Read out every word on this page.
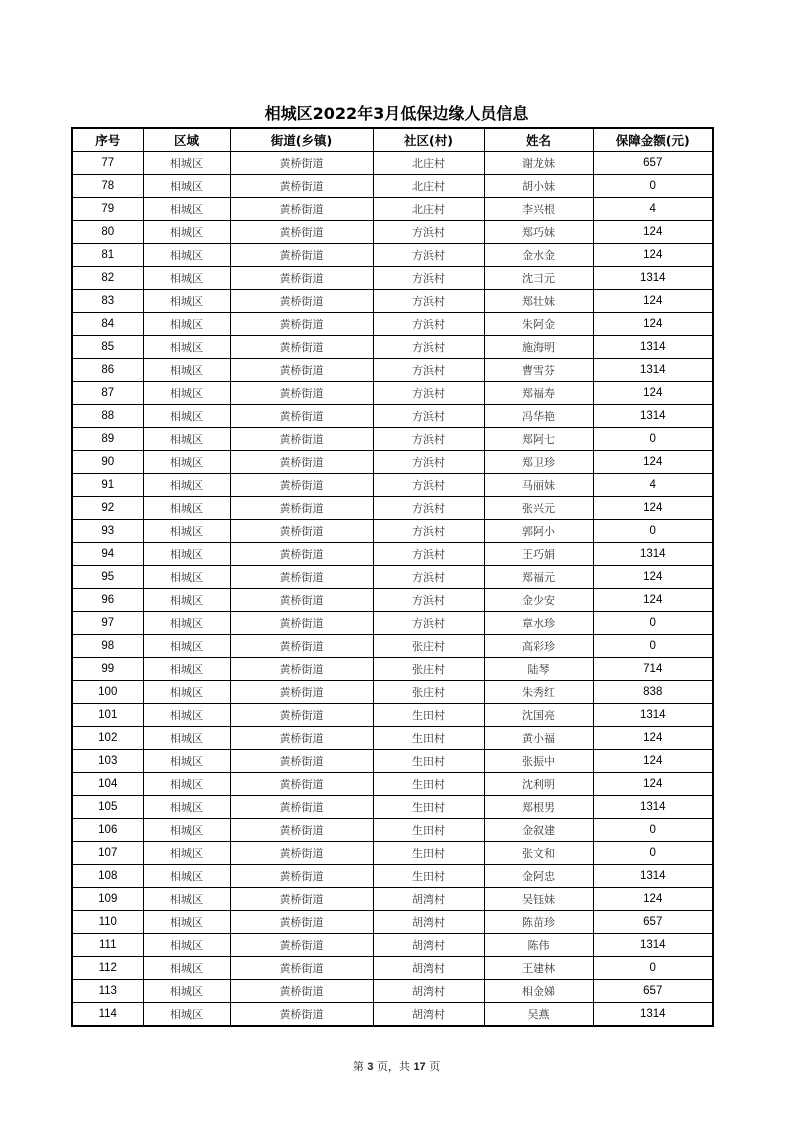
相城区2022年3月低保边缘人员信息
序号	区域	街道(乡镇)	社区(村)	姓名	保障金额(元)
77	相城区	黄桥街道	北庄村	谢龙妹	657
78	相城区	黄桥街道	北庄村	胡小妹	0
79	相城区	黄桥街道	北庄村	李兴根	4
80	相城区	黄桥街道	方浜村	郑巧妹	124
81	相城区	黄桥街道	方浜村	金水金	124
82	相城区	黄桥街道	方浜村	沈彐元	1314
83	相城区	黄桥街道	方浜村	郑壮妹	124
84	相城区	黄桥街道	方浜村	朱阿金	124
85	相城区	黄桥街道	方浜村	施海明	1314
86	相城区	黄桥街道	方浜村	曹雪芬	1314
87	相城区	黄桥街道	方浜村	郑福寿	124
88	相城区	黄桥街道	方浜村	冯华艳	1314
89	相城区	黄桥街道	方浜村	郑阿七	0
90	相城区	黄桥街道	方浜村	郑卫珍	124
91	相城区	黄桥街道	方浜村	马丽妹	4
92	相城区	黄桥街道	方浜村	张兴元	124
93	相城区	黄桥街道	方浜村	郭阿小	0
94	相城区	黄桥街道	方浜村	王巧娟	1314
95	相城区	黄桥街道	方浜村	郑福元	124
96	相城区	黄桥街道	方浜村	金少安	124
97	相城区	黄桥街道	方浜村	章水珍	0
98	相城区	黄桥街道	张庄村	高彩珍	0
99	相城区	黄桥街道	张庄村	陆琴	714
100	相城区	黄桥街道	张庄村	朱秀红	838
101	相城区	黄桥街道	生田村	沈国亮	1314
102	相城区	黄桥街道	生田村	黄小福	124
103	相城区	黄桥街道	生田村	张振中	124
104	相城区	黄桥街道	生田村	沈利明	124
105	相城区	黄桥街道	生田村	郑根男	1314
106	相城区	黄桥街道	生田村	金叙建	0
107	相城区	黄桥街道	生田村	张文和	0
108	相城区	黄桥街道	生田村	金阿忠	1314
109	相城区	黄桥街道	胡湾村	吴钰妹	124
110	相城区	黄桥街道	胡湾村	陈苗珍	657
111	相城区	黄桥街道	胡湾村	陈伟	1314
112	相城区	黄桥街道	胡湾村	王建林	0
113	相城区	黄桥街道	胡湾村	相金娣	657
114	相城区	黄桥街道	胡湾村	吴燕	1314
第 3 页，共 17 页
